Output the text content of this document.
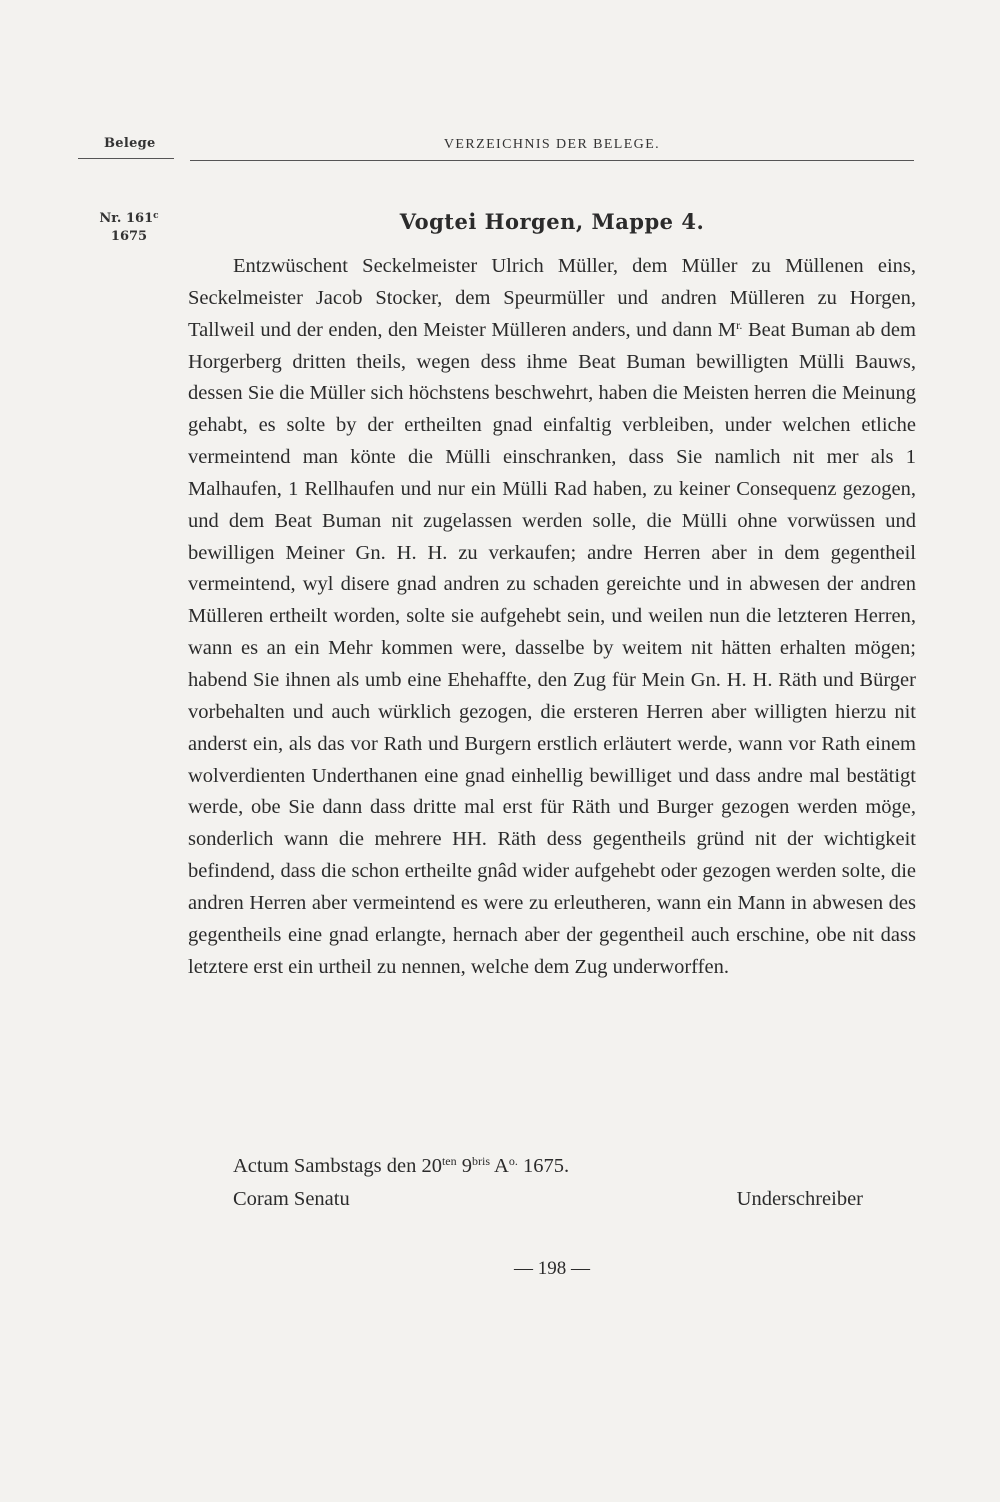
Belege	VERZEICHNIS DER BELEGE.
Nr. 161$^c$
1675
Vogtei Horgen, Mappe 4.

Entzwüschent Seckelmeister Ulrich Müller, dem Müller zu Müllenen eins, Seckelmeister Jacob Stocker, dem Speurmüller und andren Mülleren zu Horgen, Tallweil und der enden, den Meister Mülleren anders, und dann $M^{r.}$ Beat Buman ab dem Horgerberg dritten theils, wegen dess ihme Beat Buman bewilligten Mülli Bauws, dessen Sie die Müller sich höchstens beschwehrt, haben die Meisten herren die Meinung gehabt, es solte by der ertheilten gnad einfaltig verbleiben, under welchen etliche vermeintend man könte die Mülli einschranken, dass Sie namlich nit mer als 1 Malhaufen, 1 Rellhaufen und nur ein Mülli Rad haben, zu keiner Consequenz gezogen, und dem Beat Buman nit zugelassen werden solle, die Mülli ohne vorwüssen und bewilligen Meiner Gn. H. H. zu verkaufen; andre Herren aber in dem gegentheil vermeintend, wyl disere gnad andren zu schaden gereichte und in abwesen der andren Mülleren ertheilt worden, solte sie aufgehebt sein, und weilen nun die letzteren Herren, wann es an ein Mehr kommen were, dasselbe by weitem nit hätten erhalten mögen; habend Sie ihnen als umb eine Ehehaffte, den Zug für Mein Gn. H. H. Räth und Bürger vorbehalten und auch würklich gezogen, die ersteren Herren aber willigten hierzu nit anderst ein, als das vor Rath und Burgern erstlich erläutert werde, wann vor Rath einem wolverdienten Underthanen eine gnad einhellig bewilliget und dass andre mal bestätigt werde, obe Sie dann dass dritte mal erst für Räth und Burger gezogen werden möge, sonderlich wann die mehrere HH. Räth dess gegentheils gründ nit der wichtigkeit befindend, dass die schon ertheilte gnâd wider aufgehebt oder gezogen werden solte, die andren Herren aber vermeintend es were zu erleutheren, wann ein Mann in abwesen des gegentheils eine gnad erlangte, hernach aber der gegentheil auch erschine, obe nit dass letztere erst ein urtheil zu nennen, welche dem Zug underworffen.

Actum Sambstags den $20^{ten}$ $9^{bris}$ $A^{o.}$ 1675.
Coram Senatu	Underschreiber
— 198 —
